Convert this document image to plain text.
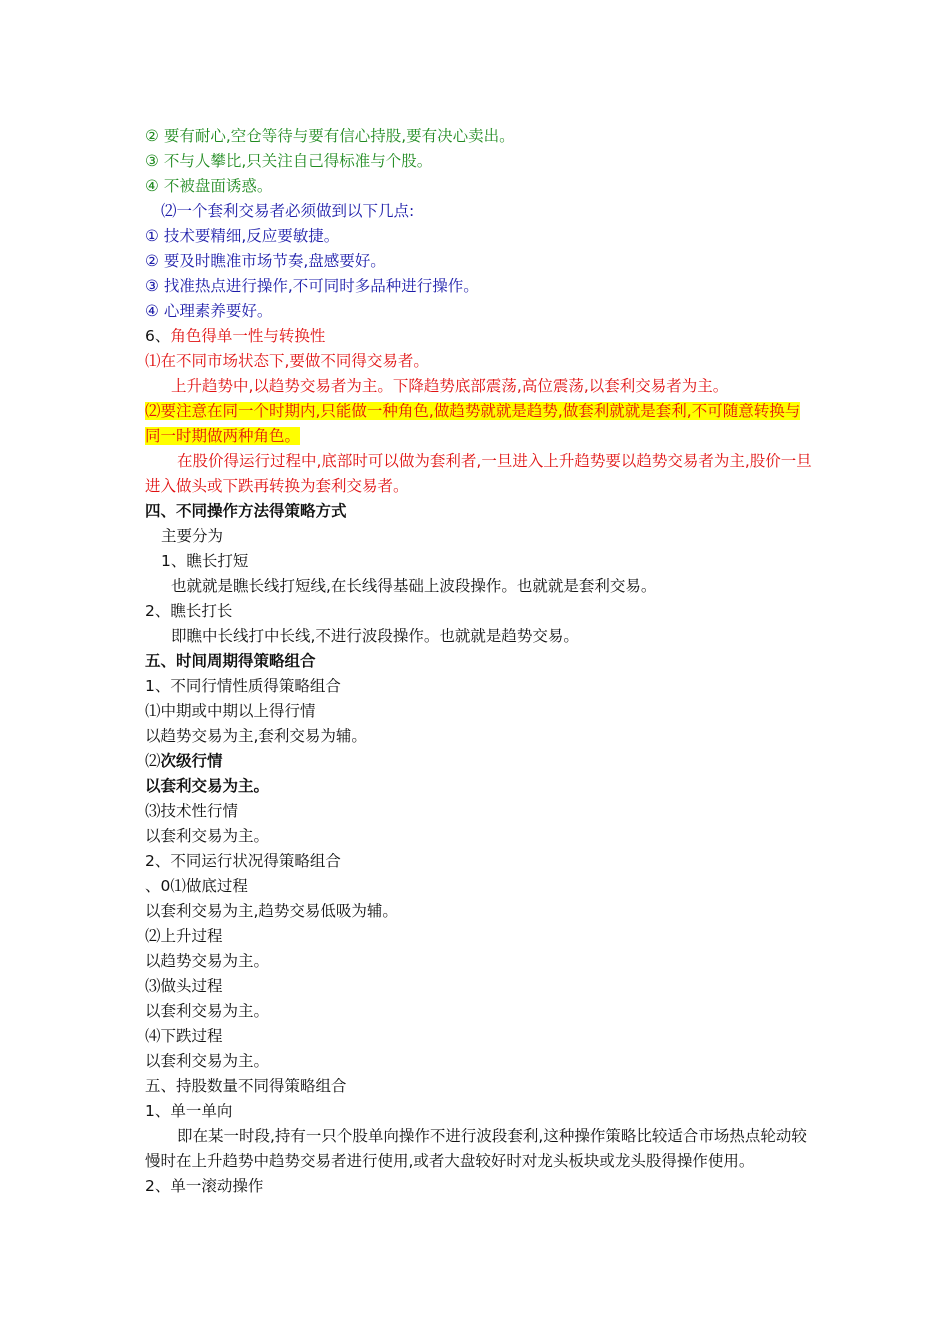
② 要有耐心,空仓等待与要有信心持股,要有决心卖出。
③ 不与人攀比,只关注自己得标准与个股。
④ 不被盘面诱惑。
⑵一个套利交易者必须做到以下几点:
① 技术要精细,反应要敏捷。
② 要及时瞧准市场节奏,盘感要好。
③ 找准热点进行操作,不可同时多品种进行操作。
④ 心理素养要好。
6、角色得单一性与转换性
⑴在不同市场状态下,要做不同得交易者。
上升趋势中,以趋势交易者为主。下降趋势底部震荡,高位震荡,以套利交易者为主。
⑵要注意在同一个时期内,只能做一种角色,做趋势就就是趋势,做套利就就是套利,不可随意转换与同一时期做两种角色。
在股价得运行过程中,底部时可以做为套利者,一旦进入上升趋势要以趋势交易者为主,股价一旦进入做头或下跌再转换为套利交易者。
四、不同操作方法得策略方式
主要分为
1、瞧长打短
也就就是瞧长线打短线,在长线得基础上波段操作。也就就是套利交易。
2、瞧长打长
即瞧中长线打中长线,不进行波段操作。也就就是趋势交易。
五、时间周期得策略组合
1、不同行情性质得策略组合
⑴中期或中期以上得行情
以趋势交易为主,套利交易为辅。
⑵次级行情
以套利交易为主。
⑶技术性行情
以套利交易为主。
2、不同运行状况得策略组合
、0⑴做底过程
以套利交易为主,趋势交易低吸为辅。
⑵上升过程
以趋势交易为主。
⑶做头过程
以套利交易为主。
⑷下跌过程
以套利交易为主。
五、持股数量不同得策略组合
1、单一单向
即在某一时段,持有一只个股单向操作不进行波段套利,这种操作策略比较适合市场热点轮动较慢时在上升趋势中趋势交易者进行使用,或者大盘较好时对龙头板块或龙头股得操作使用。
2、单一滚动操作
